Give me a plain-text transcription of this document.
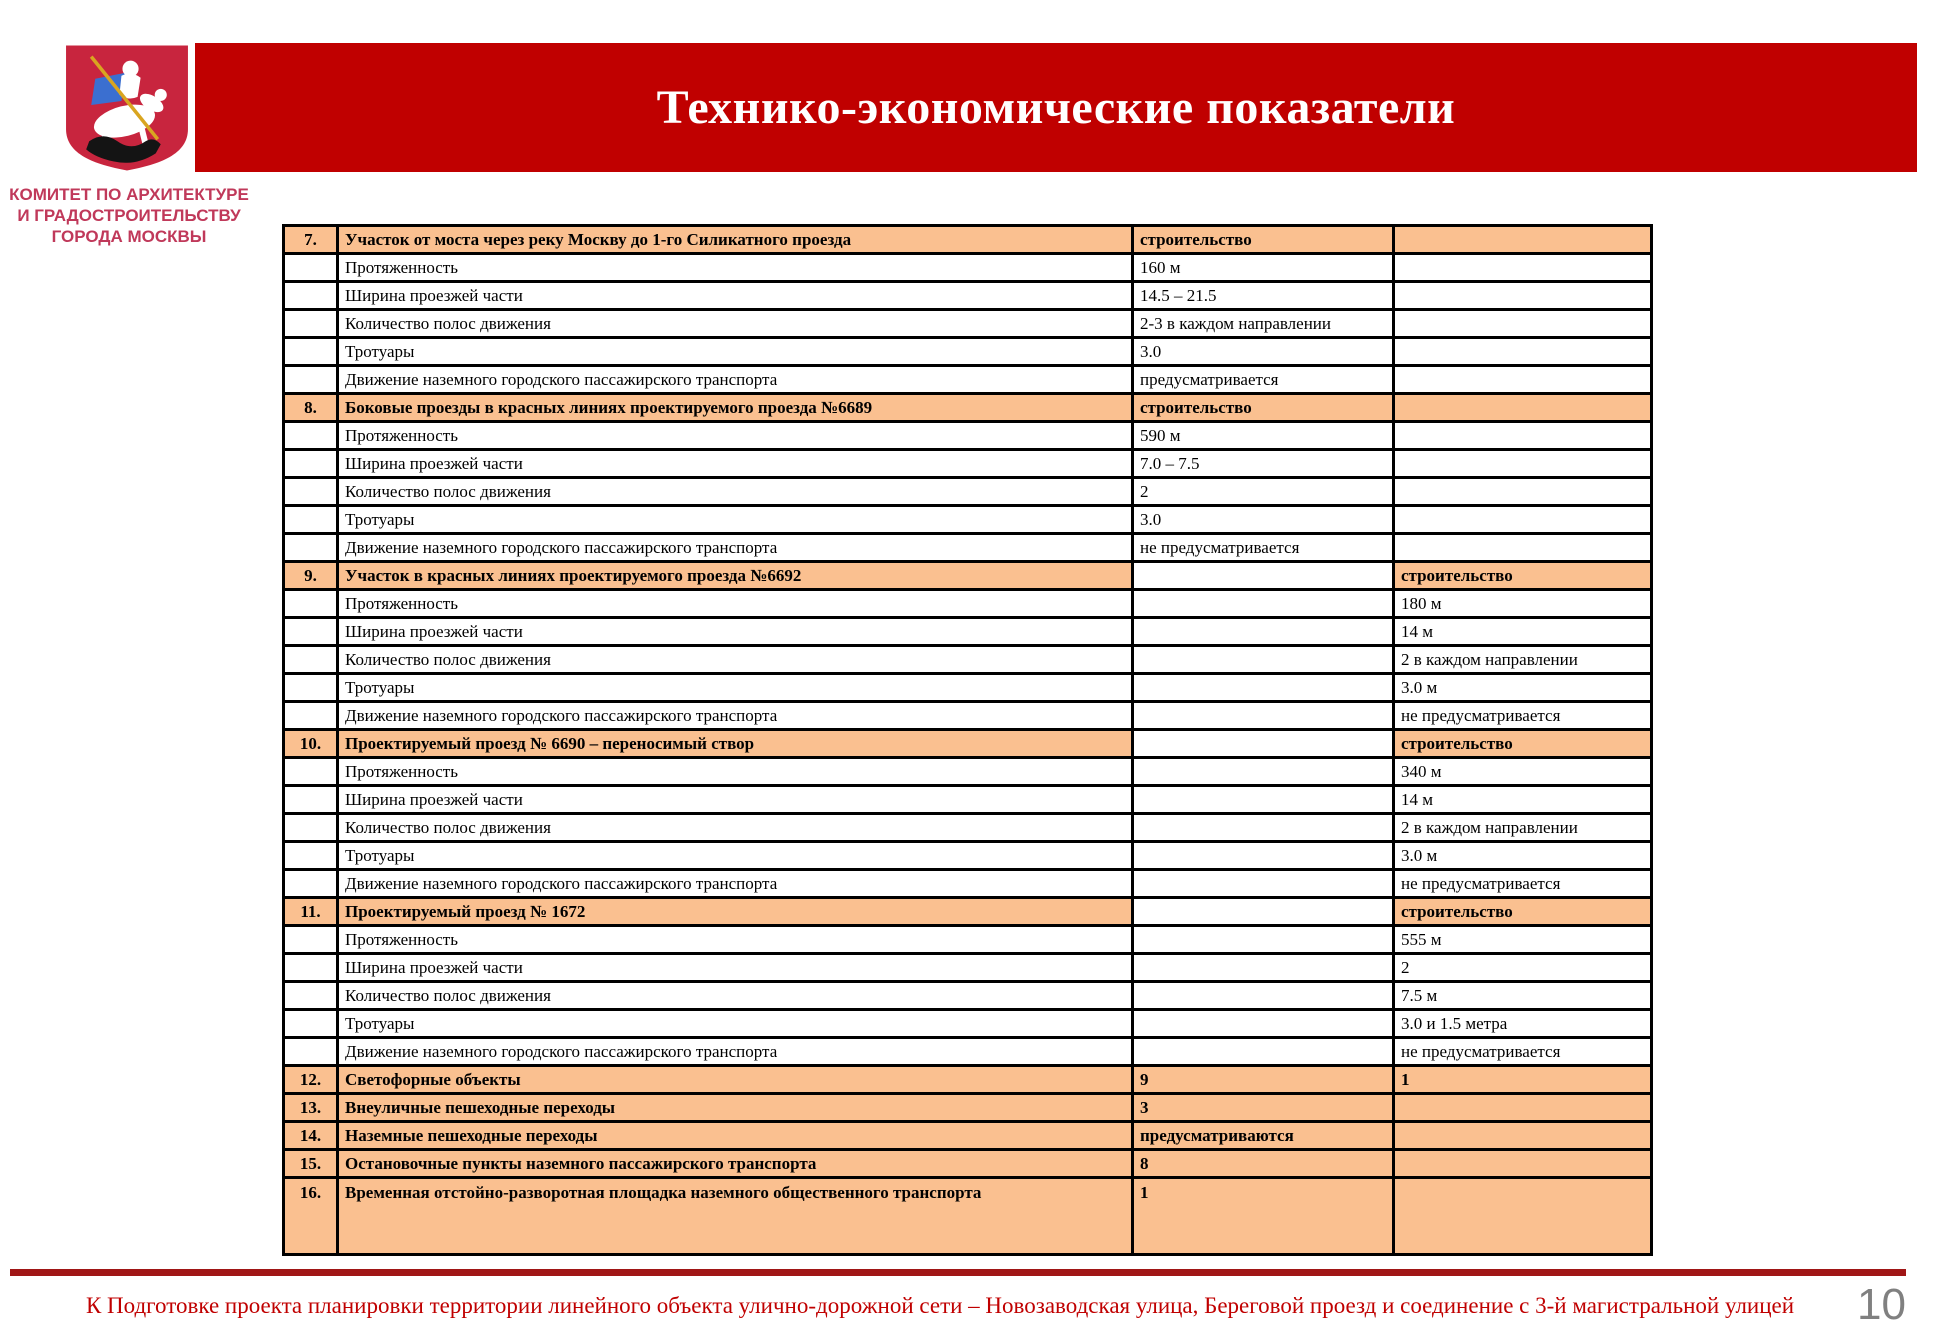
Технико-экономические показатели
КОМИТЕТ ПО АРХИТЕКТУРЕ
И ГРАДОСТРОИТЕЛЬСТВУ
ГОРОДА МОСКВЫ	7.	Участок от моста через реку Москву до 1-го Силикатного проезда	строительство	
	Протяженность	160 м	
	Ширина проезжей части	14.5 – 21.5	
	Количество полос движения	2-3 в каждом направлении	
	Тротуары	3.0	
	Движение наземного городского пассажирского транспорта	предусматривается	
8.	Боковые проезды в красных линиях проектируемого проезда №6689	строительство	
	Протяженность	590 м	
	Ширина проезжей части	7.0 – 7.5	
	Количество полос движения	2	
	Тротуары	3.0	
	Движение наземного городского пассажирского транспорта	не предусматривается	
9.	Участок в красных линиях проектируемого проезда №6692		строительство
	Протяженность		180 м
	Ширина проезжей части		14 м
	Количество полос движения		2 в каждом направлении
	Тротуары		3.0 м
	Движение наземного городского пассажирского транспорта		не предусматривается
10.	Проектируемый проезд № 6690 – переносимый створ		строительство
	Протяженность		340 м
	Ширина проезжей части		14 м
	Количество полос движения		2 в каждом направлении
	Тротуары		3.0 м
	Движение наземного городского пассажирского транспорта		не предусматривается
11.	Проектируемый проезд № 1672		строительство
	Протяженность		555 м
	Ширина проезжей части		2
	Количество полос движения		7.5 м
	Тротуары		3.0 и 1.5 метра
	Движение наземного городского пассажирского транспорта		не предусматривается
12.	Светофорные объекты	9	1
13.	Внеуличные пешеходные переходы	3	
14.	Наземные пешеходные переходы	предусматриваются	
15.	Остановочные пункты наземного пассажирского транспорта	8	
16.	Временная отстойно-разворотная площадка наземного общественного транспорта	1	
К Подготовке проекта планировки территории линейного объекта улично-дорожной сети – Новозаводская улица, Береговой проезд и соединение с 3-й магистральной улицей	10
